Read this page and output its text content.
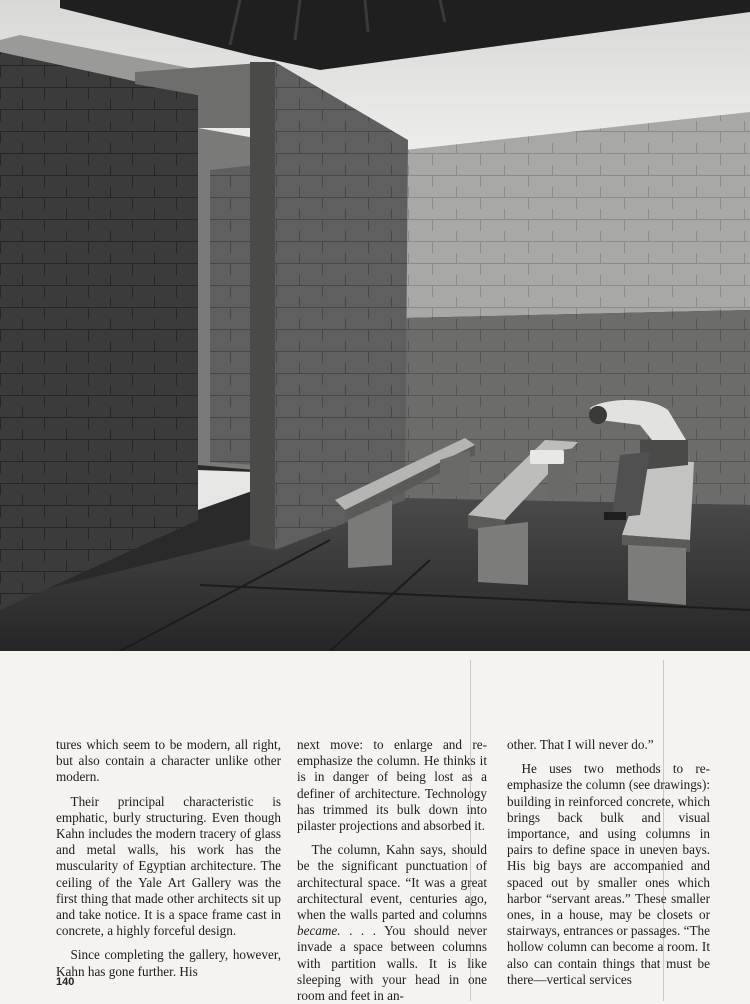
tures which seem to be modern, all right, but also contain a character unlike other modern.

Their principal characteristic is emphatic, burly structuring. Even though Kahn includes the modern tracery of glass and metal walls, his work has the muscularity of Egyptian architecture. The ceiling of the Yale Art Gallery was the first thing that made other architects sit up and take notice. It is a space frame cast in concrete, a highly forceful design.

Since completing the gallery, however, Kahn has gone further. His

next move: to enlarge and re-emphasize the column. He thinks it is in danger of being lost as a definer of architecture. Technology has trimmed its bulk down into pilaster projections and absorbed it.

The column, Kahn says, should be the significant punctuation of architectural space. “It was a great architectural event, centuries ago, when the walls parted and columns became. . . . You should never invade a space between columns with partition walls. It is like sleeping with your head in one room and feet in an-

other. That I will never do.”

He uses two methods to re-emphasize the column (see drawings): building in reinforced concrete, which brings back bulk and visual importance, and using columns in pairs to define space in uneven bays. His big bays are accompanied and spaced out by smaller ones which harbor “servant areas.” These smaller ones, in a house, may be closets or stairways, entrances or passages. “The hollow column can become a room. It also can contain things that must be there—vertical services

140
